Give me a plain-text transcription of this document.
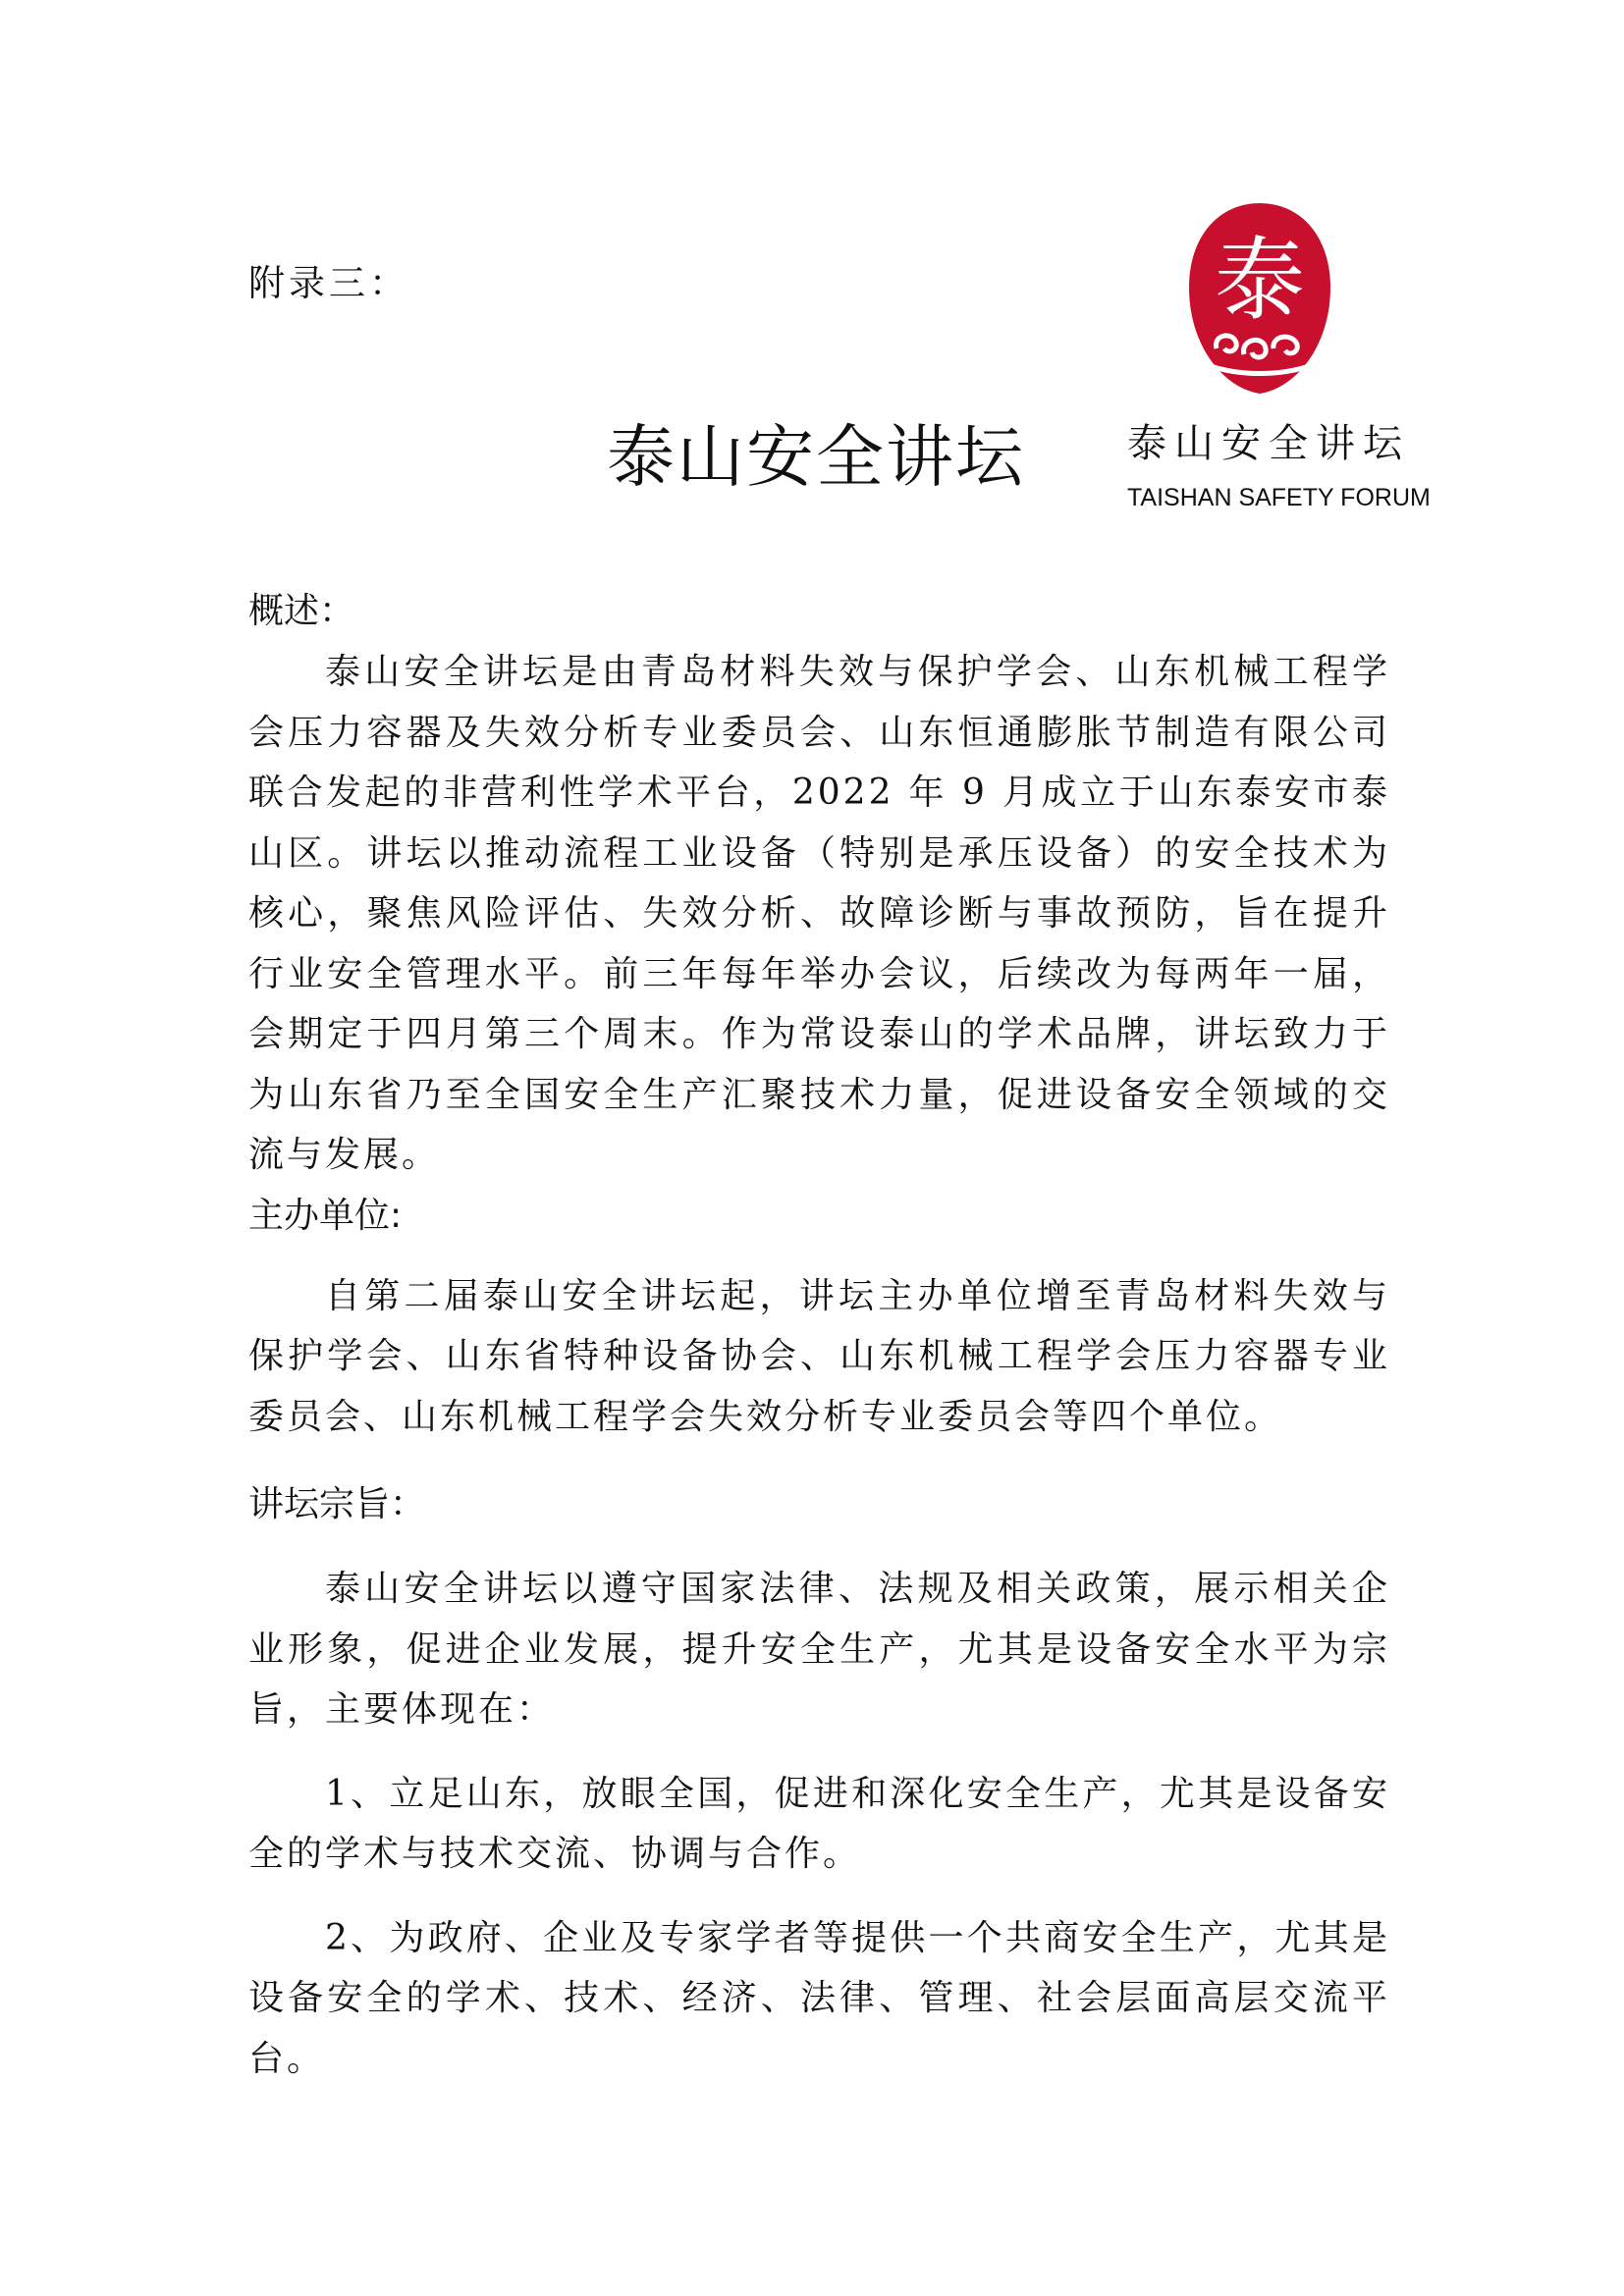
附录三：
泰山安全讲坛
泰
泰山安全讲坛
TAISHAN SAFETY FORUM
概述：

泰山安全讲坛是由青岛材料失效与保护学会、山东机械工程学会压力容器及失效分析专业委员会、山东恒通膨胀节制造有限公司联合发起的非营利性学术平台，2022 年 9 月成立于山东泰安市泰山区。讲坛以推动流程工业设备（特别是承压设备）的安全技术为核心，聚焦风险评估、失效分析、故障诊断与事故预防，旨在提升行业安全管理水平。前三年每年举办会议，后续改为每两年一届，会期定于四月第三个周末。作为常设泰山的学术品牌，讲坛致力于为山东省乃至全国安全生产汇聚技术力量，促进设备安全领域的交流与发展。

主办单位:

自第二届泰山安全讲坛起，讲坛主办单位增至青岛材料失效与保护学会、山东省特种设备协会、山东机械工程学会压力容器专业委员会、山东机械工程学会失效分析专业委员会等四个单位。

讲坛宗旨：

泰山安全讲坛以遵守国家法律、法规及相关政策，展示相关企业形象，促进企业发展，提升安全生产，尤其是设备安全水平为宗旨，主要体现在：

1、立足山东，放眼全国，促进和深化安全生产，尤其是设备安全的学术与技术交流、协调与合作。

2、为政府、企业及专家学者等提供一个共商安全生产，尤其是设备安全的学术、技术、经济、法律、管理、社会层面高层交流平台。
